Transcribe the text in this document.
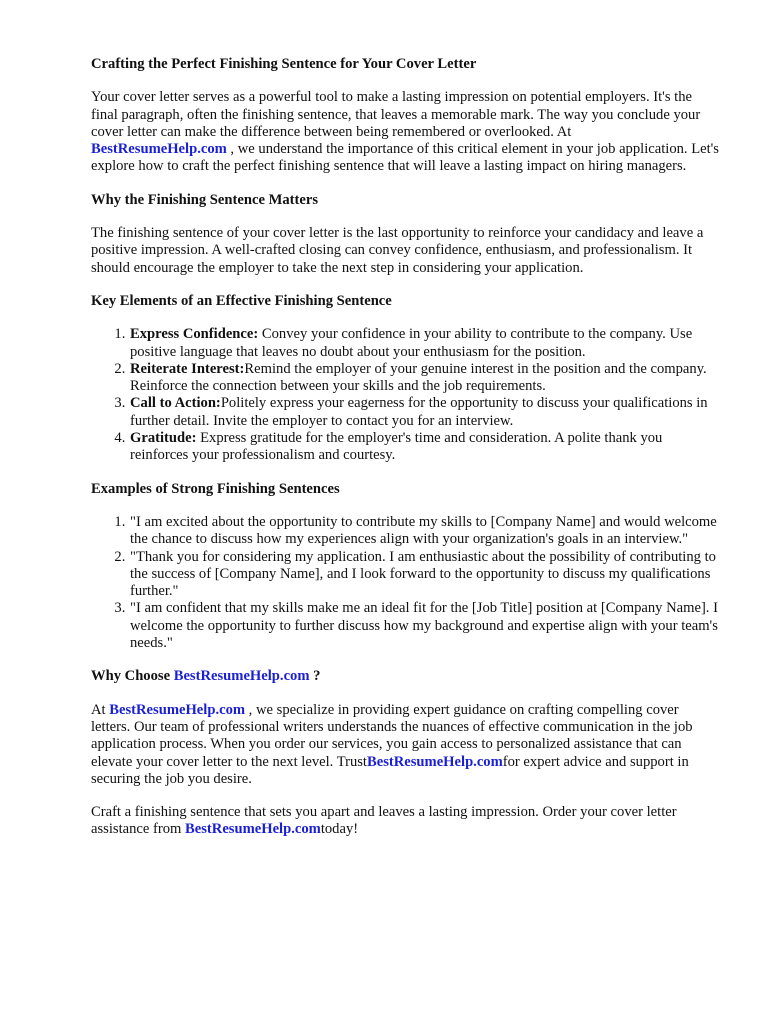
Crafting the Perfect Finishing Sentence for Your Cover Letter

Your cover letter serves as a powerful tool to make a lasting impression on potential employers. It's the final paragraph, often the finishing sentence, that leaves a memorable mark. The way you conclude your cover letter can make the difference between being remembered or overlooked. At
BestResumeHelp.com , we understand the importance of this critical element in your job application. Let's explore how to craft the perfect finishing sentence that will leave a lasting impact on hiring managers.

Why the Finishing Sentence Matters

The finishing sentence of your cover letter is the last opportunity to reinforce your candidacy and leave a positive impression. A well-crafted closing can convey confidence, enthusiasm, and professionalism. It should encourage the employer to take the next step in considering your application.

Key Elements of an Effective Finishing Sentence
1. Express Confidence: Convey your confidence in your ability to contribute to the company. Use positive language that leaves no doubt about your enthusiasm for the position.
2. Reiterate Interest:Remind the employer of your genuine interest in the position and the company. Reinforce the connection between your skills and the job requirements.
3. Call to Action:Politely express your eagerness for the opportunity to discuss your qualifications in further detail. Invite the employer to contact you for an interview.
4. Gratitude: Express gratitude for the employer's time and consideration. A polite thank you reinforces your professionalism and courtesy.
Examples of Strong Finishing Sentences
1. "I am excited about the opportunity to contribute my skills to [Company Name] and would welcome the chance to discuss how my experiences align with your organization's goals in an interview."
2. "Thank you for considering my application. I am enthusiastic about the possibility of contributing to the success of [Company Name], and I look forward to the opportunity to discuss my qualifications further."
3. "I am confident that my skills make me an ideal fit for the [Job Title] position at [Company Name]. I welcome the opportunity to further discuss how my background and expertise align with your team's needs."
Why Choose BestResumeHelp.com ?

At BestResumeHelp.com , we specialize in providing expert guidance on crafting compelling cover letters. Our team of professional writers understands the nuances of effective communication in the job application process. When you order our services, you gain access to personalized assistance that can elevate your cover letter to the next level. TrustBestResumeHelp.comfor expert advice and support in securing the job you desire.

Craft a finishing sentence that sets you apart and leaves a lasting impression. Order your cover letter assistance from BestResumeHelp.comtoday!
